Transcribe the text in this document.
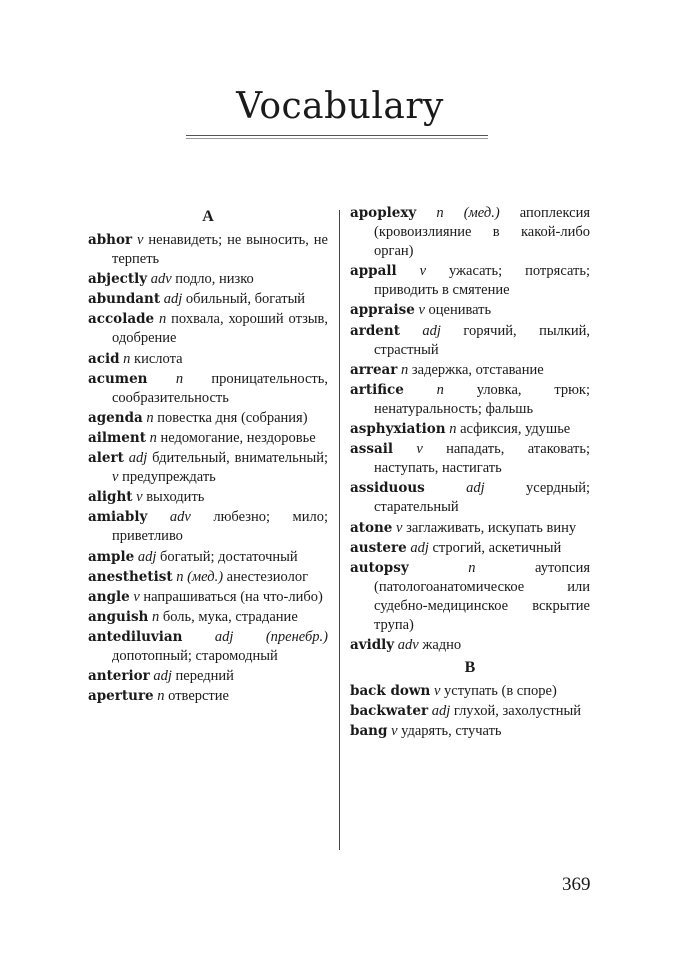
Vocabulary
A
abhor v ненавидеть; не выносить, не терпеть
abjectly adv подло, низко
abundant adj обильный, богатый
accolade n похвала, хороший отзыв, одобрение
acid n кислота
acumen n проницательность, сообразительность
agenda n повестка дня (собрания)
ailment n недомогание, нездоровье
alert adj бдительный, внимательный; v предупреждать
alight v выходить
amiably adv любезно; мило; приветливо
ample adj богатый; достаточный
anesthetist n (мед.) анестезиолог
angle v напрашиваться (на что-либо)
anguish n боль, мука, страдание
antediluvian adj (пренебр.) допотопный; старомодный
anterior adj передний
aperture n отверстие
apoplexy n (мед.) апоплексия (кровоизлияние в какой-либо орган)
appall v ужасать; потрясать; приводить в смятение
appraise v оценивать
ardent adj горячий, пылкий, страстный
arrear n задержка, отставание
artifice n уловка, трюк; ненатуральность; фальшь
asphyxiation n асфиксия, удушье
assail v нападать, атаковать; наступать, настигать
assiduous	adj	усердный; старательный
atone v заглаживать, искупать вину
austere adj строгий, аскетичный
autopsy	n	аутопсия (патологоанатомическое или судебно-медицинское вскрытие трупа)
avidly adv жадно
B
back down v уступать (в споре)
backwater adj глухой, захолустный
bang v ударять, стучать
369
